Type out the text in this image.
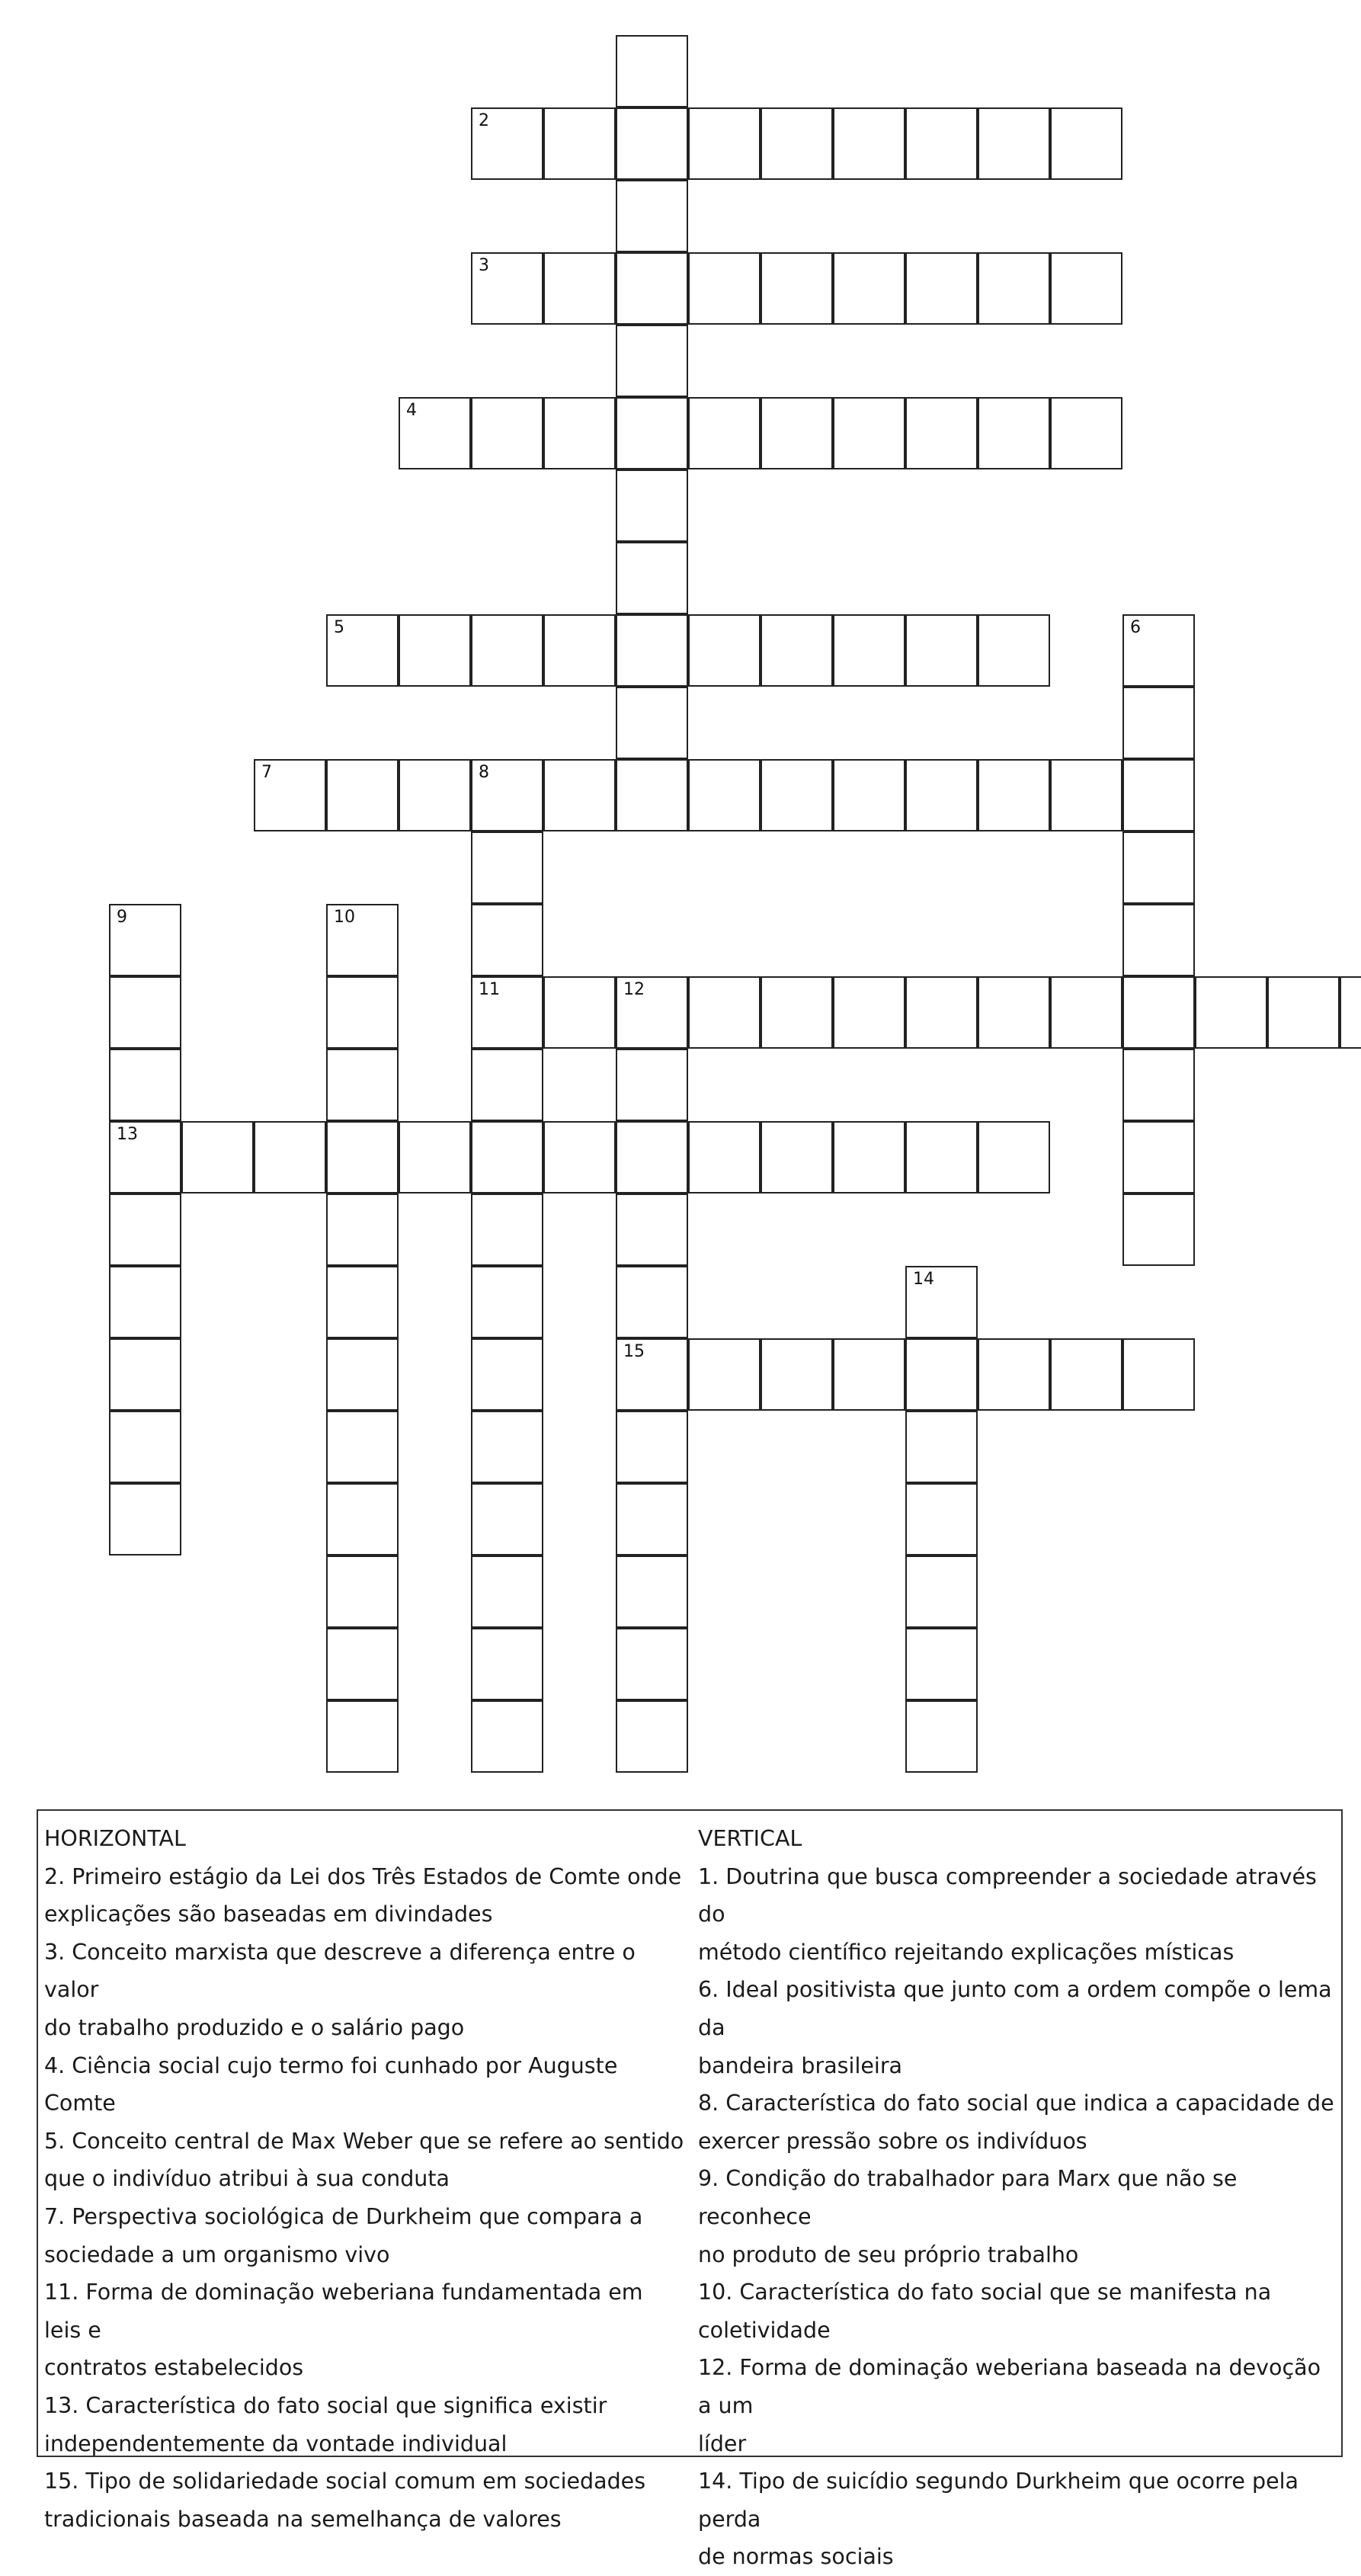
2
3
4
5	6
7	8
9	10
11	12
13
14
15
HORIZONTAL
2. Primeiro estágio da Lei dos Três Estados de Comte onde
explicações são baseadas em divindades
3. Conceito marxista que descreve a diferença entre o valor
do trabalho produzido e o salário pago
4. Ciência social cujo termo foi cunhado por Auguste Comte
5. Conceito central de Max Weber que se refere ao sentido
que o indivíduo atribui à sua conduta
7. Perspectiva sociológica de Durkheim que compara a
sociedade a um organismo vivo
11. Forma de dominação weberiana fundamentada em leis e
contratos estabelecidos
13. Característica do fato social que significa existir
independentemente da vontade individual
15. Tipo de solidariedade social comum em sociedades
tradicionais baseada na semelhança de valores
VERTICAL
1. Doutrina que busca compreender a sociedade através do
método científico rejeitando explicações místicas
6. Ideal positivista que junto com a ordem compõe o lema da
bandeira brasileira
8. Característica do fato social que indica a capacidade de
exercer pressão sobre os indivíduos
9. Condição do trabalhador para Marx que não se reconhece
no produto de seu próprio trabalho
10. Característica do fato social que se manifesta na
coletividade
12. Forma de dominação weberiana baseada na devoção a um
líder
14. Tipo de suicídio segundo Durkheim que ocorre pela perda
de normas sociais
